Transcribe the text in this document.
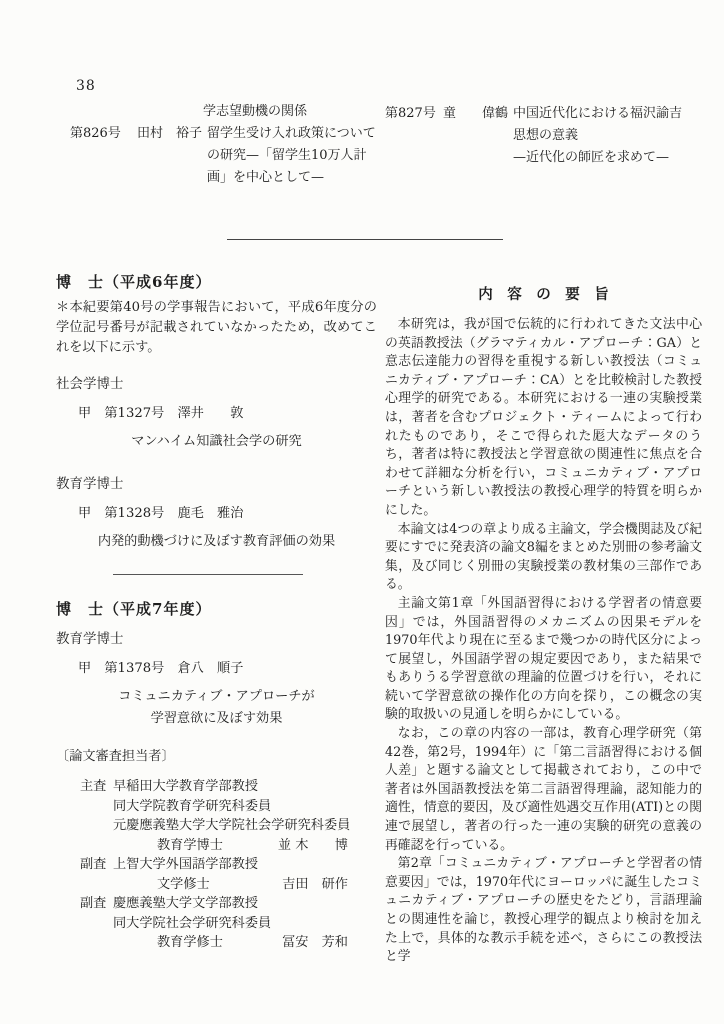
38
学志望動機の関係
第826号	田村　裕子 留学生受け入れ政策について
の研究—「留学生10万人計
画」を中心として—
第827号 童　　偉鶴 中国近代化における福沢諭吉
思想の意義
—近代化の師匠を求めて—
博　士（平成6年度）
＊本紀要第40号の学事報告において，平成6年度分の学位記号番号が記載されていなかったため，改めてこれを以下に示す。
社会学博士
甲　第1327号　澤井　　敦
マンハイム知識社会学の研究
教育学博士
甲　第1328号　鹿毛　雅治
内発的動機づけに及ぼす教育評価の効果
博　士（平成7年度）
教育学博士
甲　第1378号　倉八　順子
コミュニカティブ・アプローチが
学習意欲に及ぼす効果
〔論文審査担当者〕
主査 早稲田大学教育学部教授
同大学院教育学研究科委員
元慶應義塾大学大学院社会学研究科委員
教育学博士	並 木　　博
副査 上智大学外国語学部教授
文学修士	吉田　研作
副査 慶應義塾大学文学部教授
同大学院社会学研究科委員
教育学修士	冨安　芳和
内　容　の　要　旨

本研究は，我が国で伝統的に行われてきた文法中心の英語教授法（グラマティカル・アプローチ：GA）と意志伝達能力の習得を重視する新しい教授法（コミュニカティブ・アプローチ：CA）とを比較検討した教授心理学的研究である。本研究における一連の実験授業は，著者を含むプロジェクト・ティームによって行われたものであり，そこで得られた厖大なデータのうち，著者は特に教授法と学習意欲の関連性に焦点を合わせて詳細な分析を行い，コミュニカティブ・アプローチという新しい教授法の教授心理学的特質を明らかにした。

本論文は4つの章より成る主論文，学会機関誌及び紀要にすでに発表済の論文8編をまとめた別冊の参考論文集，及び同じく別冊の実験授業の教材集の三部作である。

主論文第1章「外国語習得における学習者の情意要因」では，外国語習得のメカニズムの因果モデルを1970年代より現在に至るまで幾つかの時代区分によって展望し，外国語学習の規定要因であり，また結果でもありうる学習意欲の理論的位置づけを行い，それに続いて学習意欲の操作化の方向を探り，この概念の実験的取扱いの見通しを明らかにしている。

なお，この章の内容の一部は，教育心理学研究（第42巻，第2号，1994年）に「第二言語習得における個人差」と題する論文として掲載されており，この中で著者は外国語教授法を第二言語習得理論，認知能力的適性，情意的要因，及び適性処遇交互作用(ATI)との関連で展望し，著者の行った一連の実験的研究の意義の再確認を行っている。

第2章「コミュニカティブ・アプローチと学習者の情意要因」では，1970年代にヨーロッパに誕生したコミュニカティブ・アプローチの歴史をたどり，言語理論との関連性を論じ，教授心理学的観点より検討を加えた上で，具体的な教示手続を述べ，さらにこの教授法と学
